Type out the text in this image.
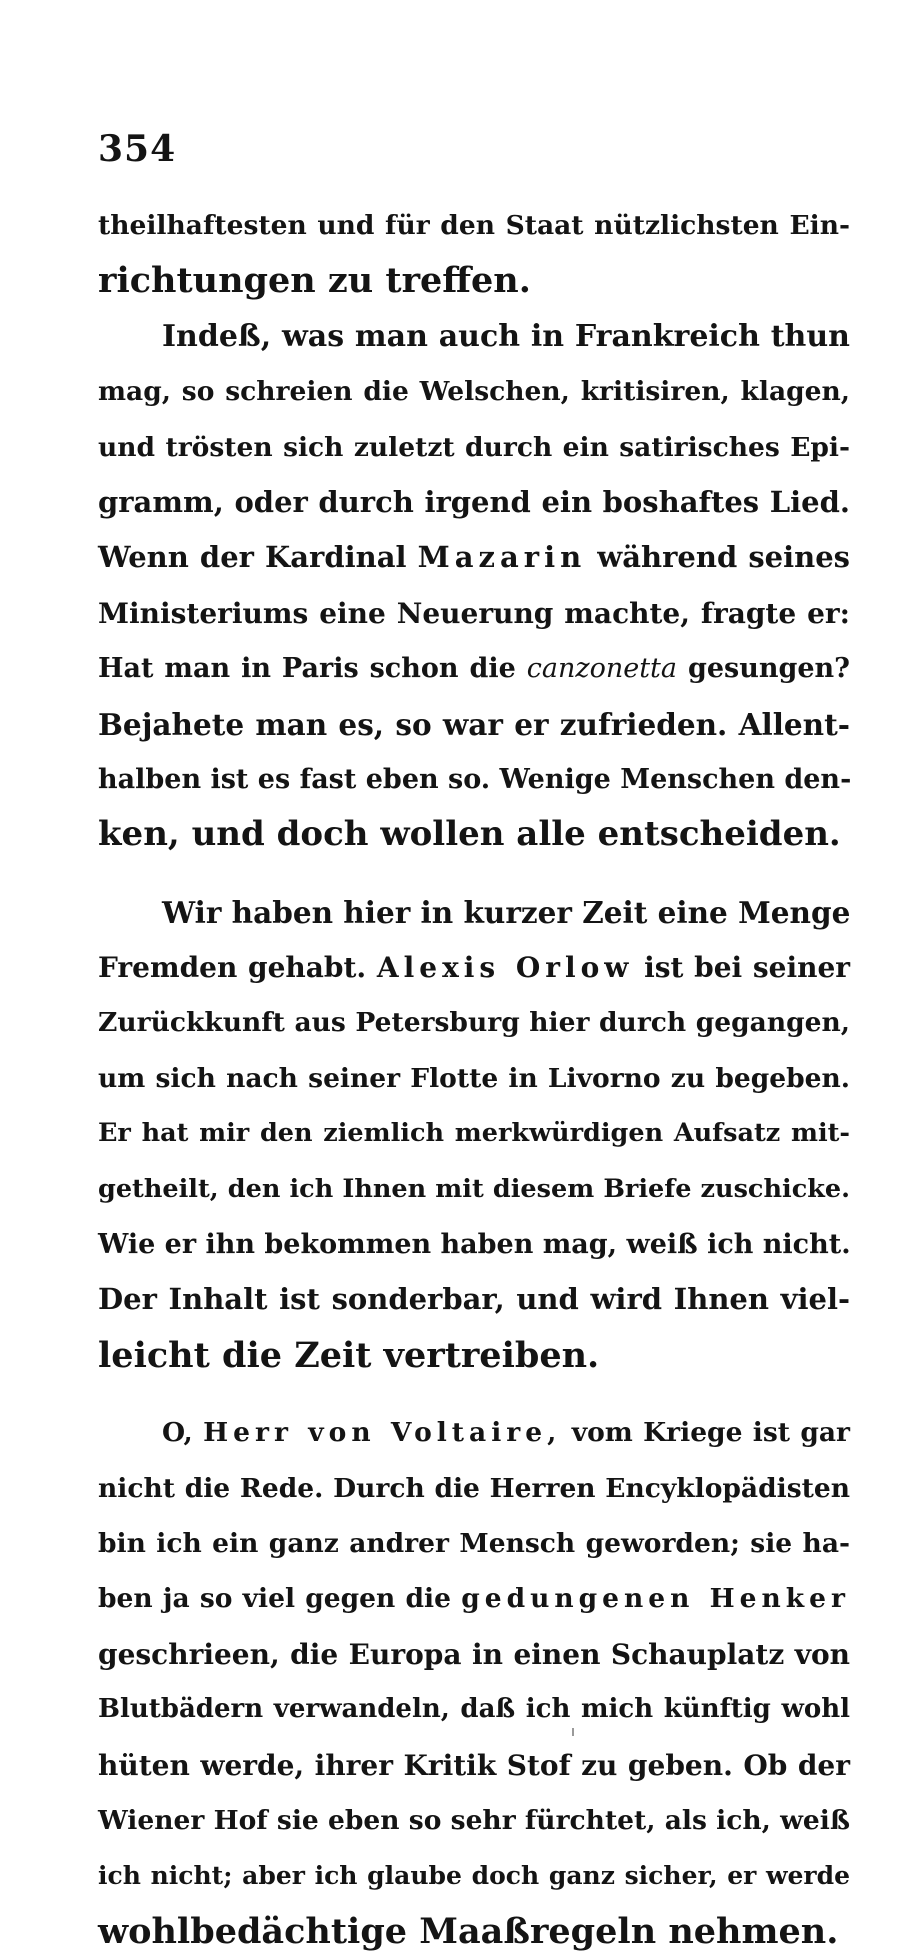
354
theilhaftesten und für den Staat nützlichsten Ein-
richtungen zu treffen.
Indeß, was man auch in Frankreich thun
mag, so schreien die Welschen, kritisiren, klagen,
und trösten sich zuletzt durch ein satirisches Epi-
gramm, oder durch irgend ein boshaftes Lied.
Wenn der Kardinal Mazarin während seines
Ministeriums eine Neuerung machte, fragte er:
Hat man in Paris schon die canzonetta gesungen?
Bejahete man es, so war er zufrieden. Allent-
halben ist es fast eben so. Wenige Menschen den-
ken, und doch wollen alle entscheiden.
Wir haben hier in kurzer Zeit eine Menge
Fremden gehabt. Alexis Orlow ist bei seiner
Zurückkunft aus Petersburg hier durch gegangen,
um sich nach seiner Flotte in Livorno zu begeben.
Er hat mir den ziemlich merkwürdigen Aufsatz mit-
getheilt, den ich Ihnen mit diesem Briefe zuschicke.
Wie er ihn bekommen haben mag, weiß ich nicht.
Der Inhalt ist sonderbar, und wird Ihnen viel-
leicht die Zeit vertreiben.
O, Herr von Voltaire, vom Kriege ist gar
nicht die Rede. Durch die Herren Encyklopädisten
bin ich ein ganz andrer Mensch geworden; sie ha-
ben ja so viel gegen die gedungenen Henker
geschrieen, die Europa in einen Schauplatz von
Blutbädern verwandeln, daß ich mich künftig wohl
hüten werde, ihrer Kritik Stof zu geben. Ob der
Wiener Hof sie eben so sehr fürchtet, als ich, weiß
ich nicht; aber ich glaube doch ganz sicher, er werde
wohlbedächtige Maaßregeln nehmen.
